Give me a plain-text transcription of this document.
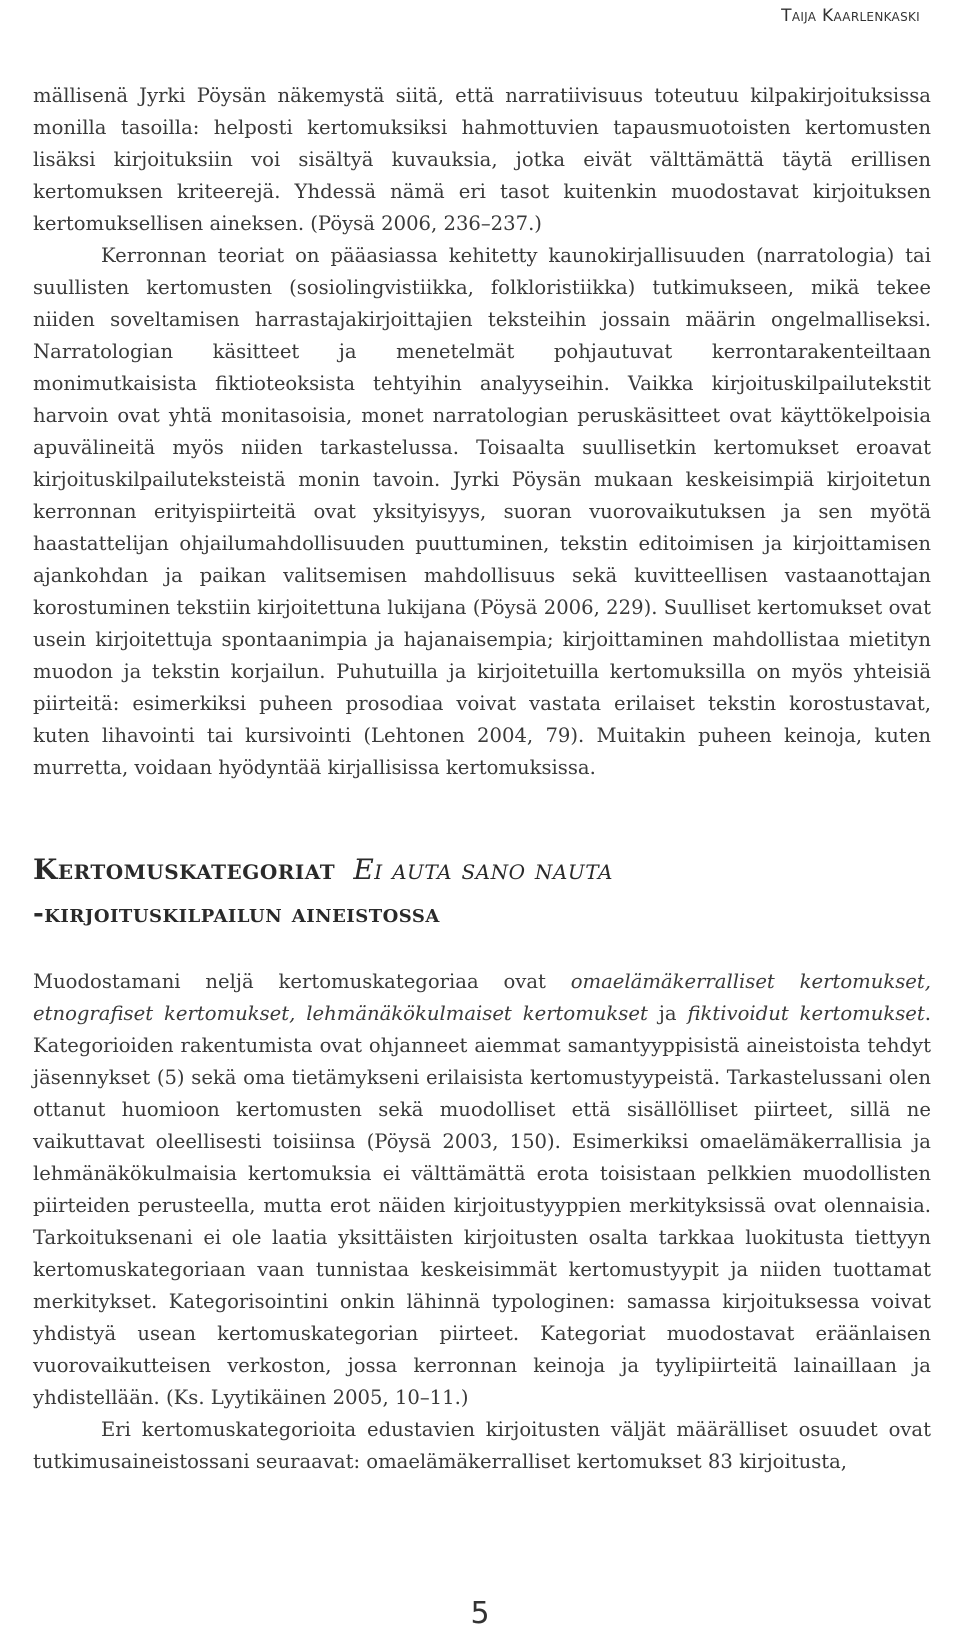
Taija Kaarlenkaski

mällisenä Jyrki Pöysän näkemystä siitä, että narratiivisuus toteutuu kilpakirjoituksissa monilla tasoilla: helposti kertomuksiksi hahmottuvien tapausmuotoisten kertomusten lisäksi kirjoituksiin voi sisältyä kuvauksia, jotka eivät välttämättä täytä erillisen kertomuksen kriteerejä. Yhdessä nämä eri tasot kuitenkin muodostavat kirjoituksen kertomuksellisen aineksen. (Pöysä 2006, 236–237.)

Kerronnan teoriat on pääasiassa kehitetty kaunokirjallisuuden (narratologia) tai suullisten kertomusten (sosiolingvistiikka, folkloristiikka) tutkimukseen, mikä tekee niiden soveltamisen harrastajakirjoittajien teksteihin jossain määrin ongelmalliseksi. Narratologian käsitteet ja menetelmät pohjautuvat kerrontarakenteiltaan monimutkaisista fiktioteoksista tehtyihin analyyseihin. Vaikka kirjoituskilpailutekstit harvoin ovat yhtä monitasoisia, monet narratologian peruskäsitteet ovat käyttökelpoisia apuvälineitä myös niiden tarkastelussa. Toisaalta suullisetkin kertomukset eroavat kirjoituskilpailuteksteistä monin tavoin. Jyrki Pöysän mukaan keskeisimpiä kirjoitetun kerronnan erityispiirteitä ovat yksityisyys, suoran vuorovaikutuksen ja sen myötä haastattelijan ohjailumahdollisuuden puuttuminen, tekstin editoimisen ja kirjoittamisen ajankohdan ja paikan valitsemisen mahdollisuus sekä kuvitteellisen vastaanottajan korostuminen tekstiin kirjoitettuna lukijana (Pöysä 2006, 229). Suulliset kertomukset ovat usein kirjoitettuja spontaanimpia ja hajanaisempia; kirjoittaminen mahdollistaa mietityn muodon ja tekstin korjailun. Puhutuilla ja kirjoitetuilla kertomuksilla on myös yhteisiä piirteitä: esimerkiksi puheen prosodiaa voivat vastata erilaiset tekstin korostustavat, kuten lihavointi tai kursivointi (Lehtonen 2004, 79). Muitakin puheen keinoja, kuten murretta, voidaan hyödyntää kirjallisissa kertomuksissa.

Kertomuskategoriat Ei auta sano nauta
-kirjoituskilpailun aineistossa

Muodostamani neljä kertomuskategoriaa ovat omaelämäkerralliset kertomukset, etnografiset kertomukset, lehmänäkökulmaiset kertomukset ja fiktivoidut kertomukset. Kategorioiden rakentumista ovat ohjanneet aiemmat samantyyppisistä aineistoista tehdyt jäsennykset (5) sekä oma tietämykseni erilaisista kertomustyypeistä. Tarkastelussani olen ottanut huomioon kertomusten sekä muodolliset että sisällölliset piirteet, sillä ne vaikuttavat oleellisesti toisiinsa (Pöysä 2003, 150). Esimerkiksi omaelämäkerrallisia ja lehmänäkökulmaisia kertomuksia ei välttämättä erota toisistaan pelkkien muodollisten piirteiden perusteella, mutta erot näiden kirjoitustyyppien merkityksissä ovat olennaisia. Tarkoituksenani ei ole laatia yksittäisten kirjoitusten osalta tarkkaa luokitusta tiettyyn kertomuskategoriaan vaan tunnistaa keskeisimmät kertomustyypit ja niiden tuottamat merkitykset. Kategorisointini onkin lähinnä typologinen: samassa kirjoituksessa voivat yhdistyä usean kertomuskategorian piirteet. Kategoriat muodostavat eräänlaisen vuorovaikutteisen verkoston, jossa kerronnan keinoja ja tyylipiirteitä lainaillaan ja yhdistellään. (Ks. Lyytikäinen 2005, 10–11.)

Eri kertomuskategorioita edustavien kirjoitusten väljät määrälliset osuudet ovat tutkimusaineistossani seuraavat: omaelämäkerralliset kertomukset 83 kirjoitusta,

5
